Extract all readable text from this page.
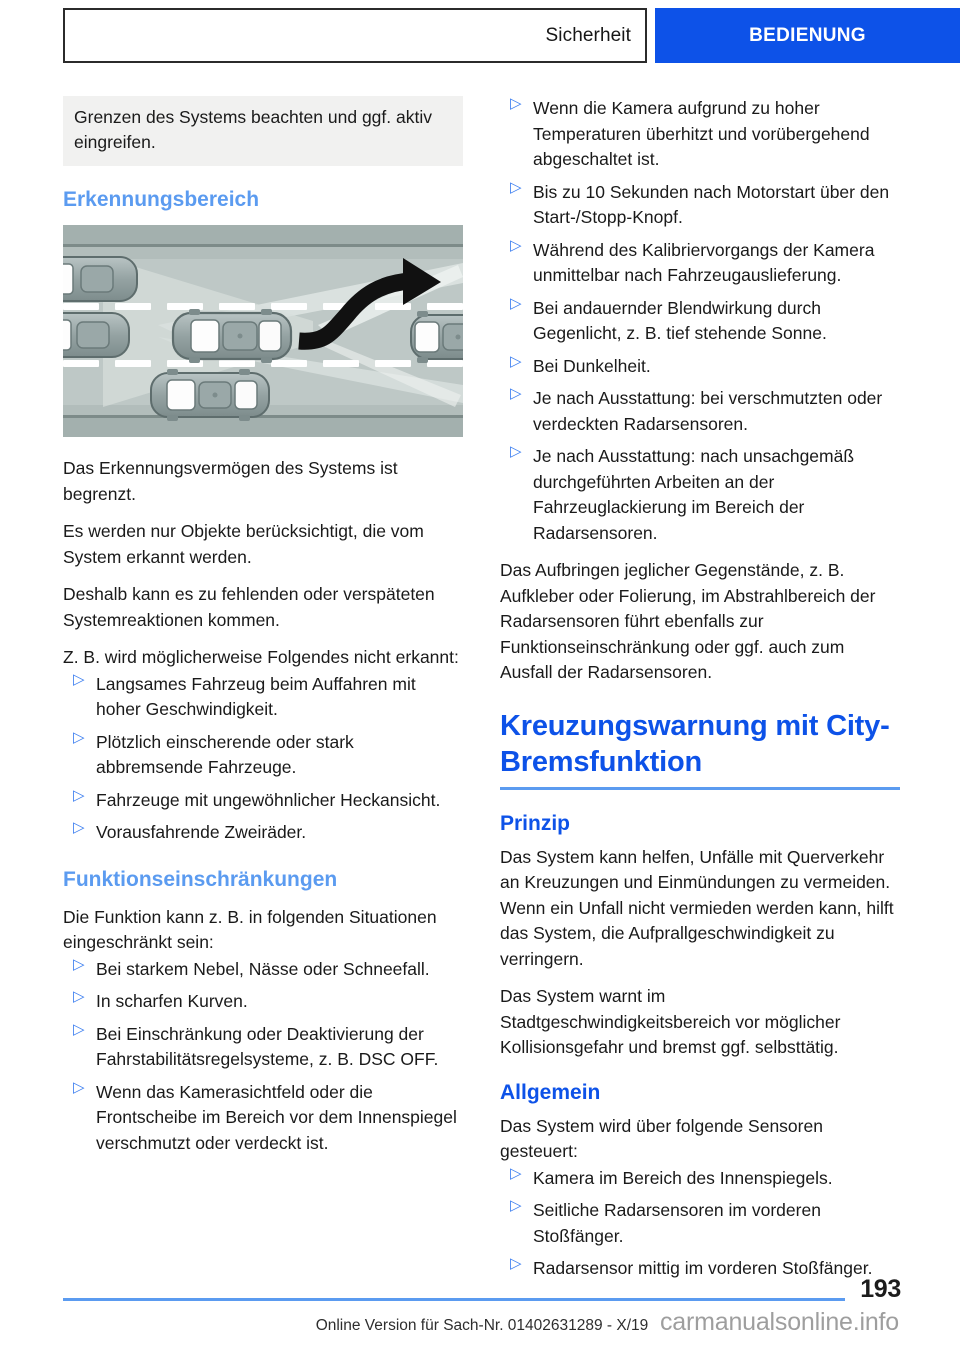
Sicherheit	BEDIENUNG

Grenzen des Systems beachten und ggf. aktiv eingreifen.

Erkennungsbereich

Das Erkennungsvermögen des Systems ist begrenzt.

Es werden nur Objekte berücksichtigt, die vom System erkannt werden.

Deshalb kann es zu fehlenden oder verspäteten Systemreaktionen kommen.

Z. B. wird möglicherweise Folgendes nicht erkannt:

▷
Langsames Fahrzeug beim Auffahren mit hoher Geschwindigkeit.
▷
Plötzlich einscherende oder stark abbremsende Fahrzeuge.
▷
Fahrzeuge mit ungewöhnlicher Heckansicht.
▷
Vorausfahrende Zweiräder.
Funktionseinschränkungen

Die Funktion kann z. B. in folgenden Situationen eingeschränkt sein:

▷
Bei starkem Nebel, Nässe oder Schneefall.
▷
In scharfen Kurven.
▷
Bei Einschränkung oder Deaktivierung der Fahrstabilitätsregelsysteme, z. B. DSC OFF.
▷
Wenn das Kamerasichtfeld oder die Frontscheibe im Bereich vor dem Innenspiegel verschmutzt oder verdeckt ist.
▷
Wenn die Kamera aufgrund zu hoher Temperaturen überhitzt und vorübergehend abgeschaltet ist.
▷
Bis zu 10 Sekunden nach Motorstart über den Start-/Stopp-Knopf.
▷
Während des Kalibriervorgangs der Kamera unmittelbar nach Fahrzeugauslieferung.
▷
Bei andauernder Blendwirkung durch Gegenlicht, z. B. tief stehende Sonne.
▷
Bei Dunkelheit.
▷
Je nach Ausstattung: bei verschmutzten oder verdeckten Radarsensoren.
▷
Je nach Ausstattung: nach unsachgemäß durchgeführten Arbeiten an der Fahrzeuglackierung im Bereich der Radarsensoren.

Das Aufbringen jeglicher Gegenstände, z. B. Aufkleber oder Folierung, im Abstrahlbereich der Radarsensoren führt ebenfalls zur Funktionseinschränkung oder ggf. auch zum Ausfall der Radarsensoren.

Kreuzungswarnung mit City-Bremsfunktion
Prinzip

Das System kann helfen, Unfälle mit Querverkehr an Kreuzungen und Einmündungen zu vermeiden. Wenn ein Unfall nicht vermieden werden kann, hilft das System, die Aufprallgeschwindigkeit zu verringern.

Das System warnt im Stadtgeschwindigkeitsbereich vor möglicher Kollisionsgefahr und bremst ggf. selbsttätig.

Allgemein

Das System wird über folgende Sensoren gesteuert:

▷
Kamera im Bereich des Innenspiegels.
▷
Seitliche Radarsensoren im vorderen Stoßfänger.
▷
Radarsensor mittig im vorderen Stoßfänger.
193
Online Version für Sach-Nr. 01402631289 - X/19 carmanualsonline.info
